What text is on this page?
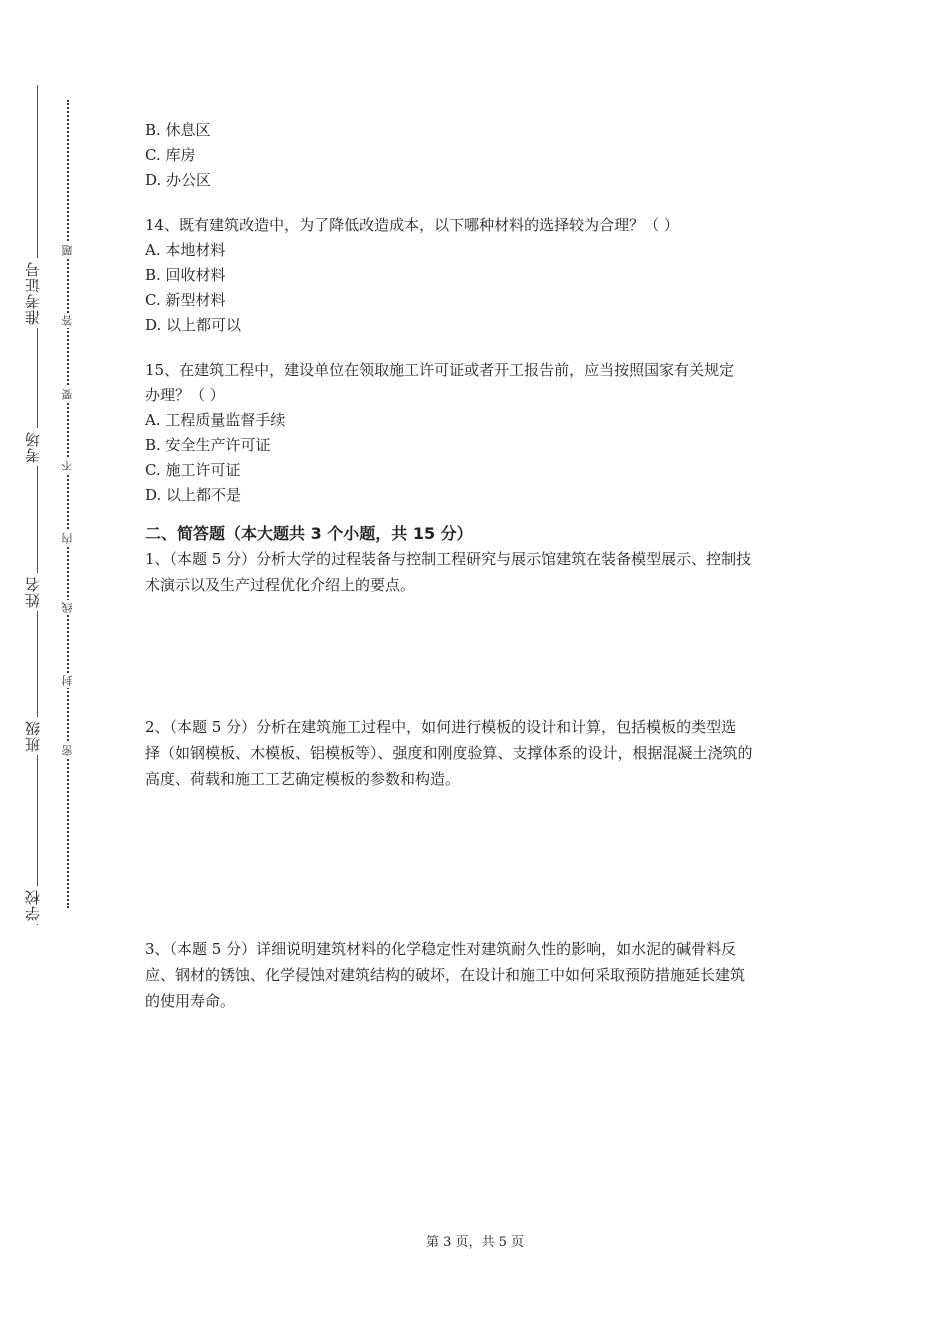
准考证号
考场
姓名
班级
学校
题
答
要
不
内
线
封
密
B. 休息区
C. 库房
D. 办公区
14、既有建筑改造中，为了降低改造成本，以下哪种材料的选择较为合理？（ ）
A. 本地材料
B. 回收材料
C. 新型材料
D. 以上都可以
15、在建筑工程中，建设单位在领取施工许可证或者开工报告前，应当按照国家有关规定
办理？（ ）
A. 工程质量监督手续
B. 安全生产许可证
C. 施工许可证
D. 以上都不是
二、简答题（本大题共 3 个小题，共 15 分）
1、（本题 5 分）分析大学的过程装备与控制工程研究与展示馆建筑在装备模型展示、控制技
术演示以及生产过程优化介绍上的要点。
2、（本题 5 分）分析在建筑施工过程中，如何进行模板的设计和计算，包括模板的类型选
择（如钢模板、木模板、铝模板等）、强度和刚度验算、支撑体系的设计，根据混凝土浇筑的
高度、荷载和施工工艺确定模板的参数和构造。
3、（本题 5 分）详细说明建筑材料的化学稳定性对建筑耐久性的影响，如水泥的碱骨料反
应、钢材的锈蚀、化学侵蚀对建筑结构的破坏，在设计和施工中如何采取预防措施延长建筑
的使用寿命。
第 3 页，共 5 页
